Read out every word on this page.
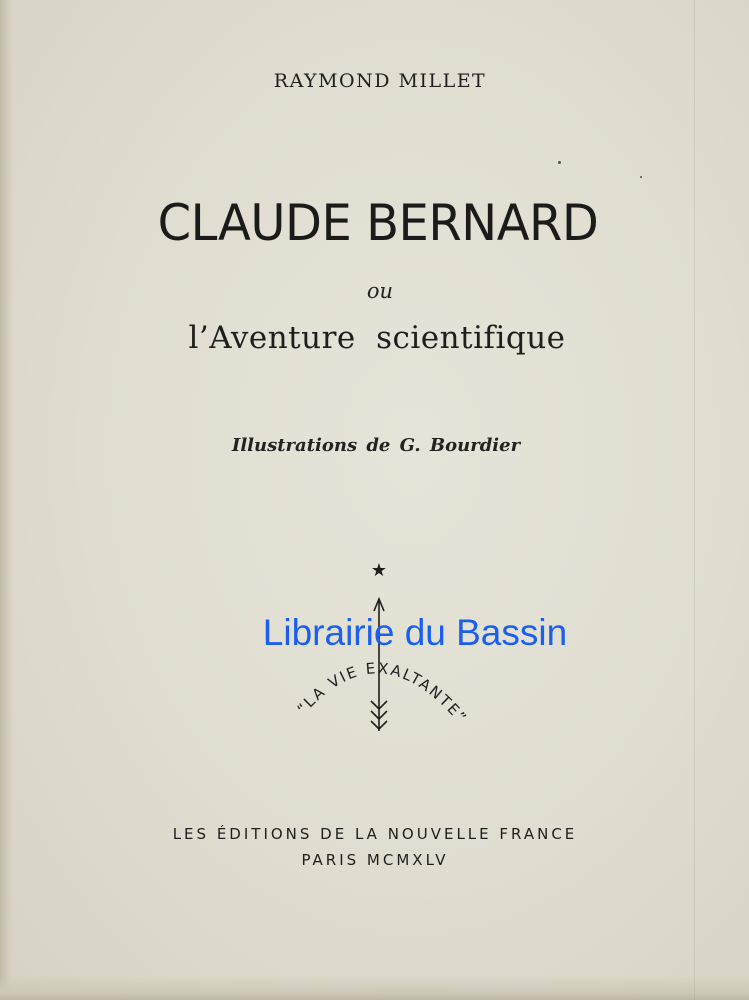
RAYMOND MILLET
CLAUDE BERNARD
ou
l’Aventure scientifique
Illustrations de G. Bourdier
★
“LA VIE EXALTANTE”
Librairie du Bassin
LES ÉDITIONS DE LA NOUVELLE FRANCE
PARIS MCMXLV
